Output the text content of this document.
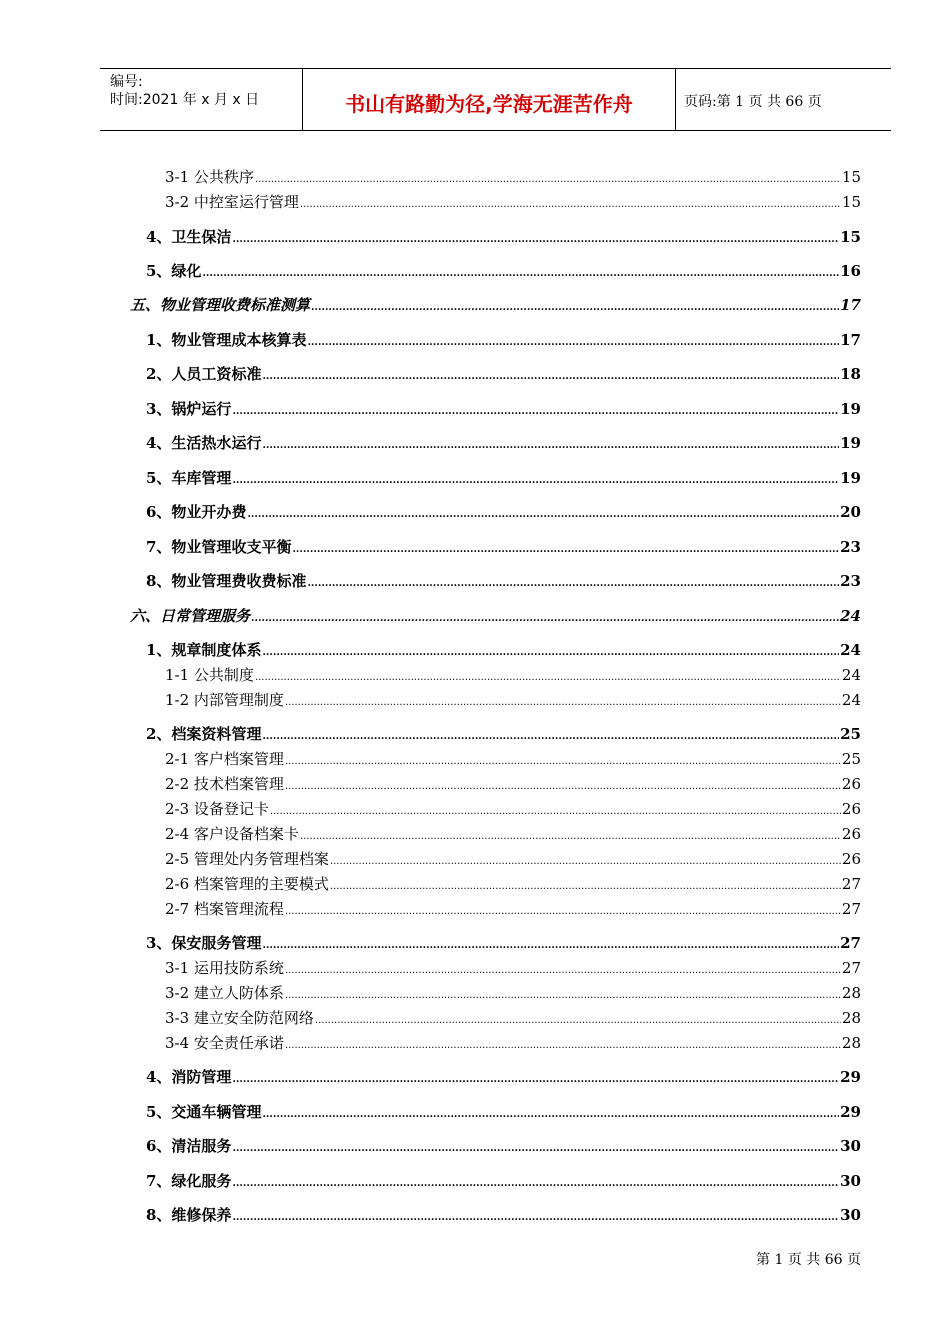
编号:
时间:2021 年 x 月 x 日	书山有路勤为径,学海无涯苦作舟	页码:第 1 页 共 66 页
3-1 公共秩序 .....	15
3-2 中控室运行管理 .....	15
4、卫生保洁 .....	15
5、绿化 .....	16
五、物业管理收费标准测算 .....	17
1、物业管理成本核算表 .....	17
2、人员工资标准 .....	18
3、锅炉运行 .....	19
4、生活热水运行 .....	19
5、车库管理 .....	19
6、物业开办费 .....	20
7、物业管理收支平衡 .....	23
8、物业管理费收费标准 .....	23
六、日常管理服务 .....	24
1、规章制度体系 .....	24
1-1 公共制度 .....	24
1-2 内部管理制度 .....	24
2、档案资料管理 .....	25
2-1 客户档案管理 .....	25
2-2 技术档案管理 .....	26
2-3 设备登记卡 .....	26
2-4 客户设备档案卡 .....	26
2-5 管理处内务管理档案 .....	26
2-6 档案管理的主要模式 .....	27
2-7 档案管理流程 .....	27
3、保安服务管理 .....	27
3-1 运用技防系统 .....	27
3-2 建立人防体系 .....	28
3-3 建立安全防范网络 .....	28
3-4 安全责任承诺 .....	28
4、消防管理 .....	29
5、交通车辆管理 .....	29
6、清洁服务 .....	30
7、绿化服务 .....	30
8、维修保养 .....	30
第 1 页 共 66 页
